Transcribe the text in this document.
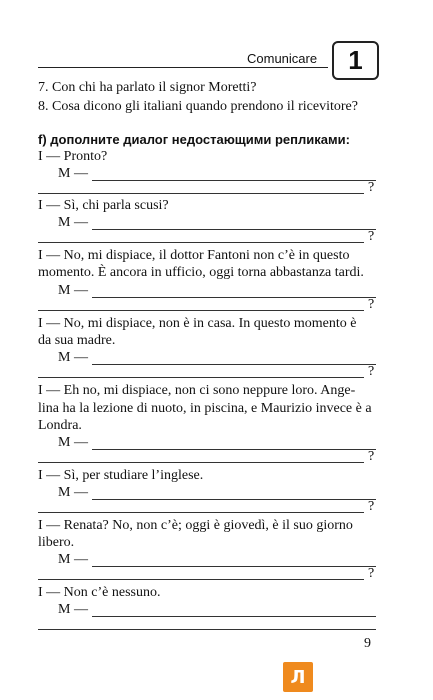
Comunicare	1
7. Con chi ha parlato il signor Moretti?
8. Cosa dicono gli italiani quando prendono il ricevitore?
f) дополните диалог недостающими репликами:
I — Pronto?
M —
?
I — Sì, chi parla scusi?
M —
?
I — No, mi dispiace, il dottor Fantoni non c’è in questo
momento. È ancora in ufficio, oggi torna abbastanza tardi.
M —
?
I — No, mi dispiace, non è in casa. In questo momento è
da sua madre.
M —
?
I — Eh no, mi dispiace, non ci sono neppure loro. Ange-
lina ha la lezione di nuoto, in piscina, e Maurizio invece è a
Londra.
M —
?
I — Sì, per studiare l’inglese.
M —
?
I — Renata? No, non c’è; oggi è giovedì, è il suo giorno
libero.
M —
?
I — Non c’è nessuno.
M —
9
Л
